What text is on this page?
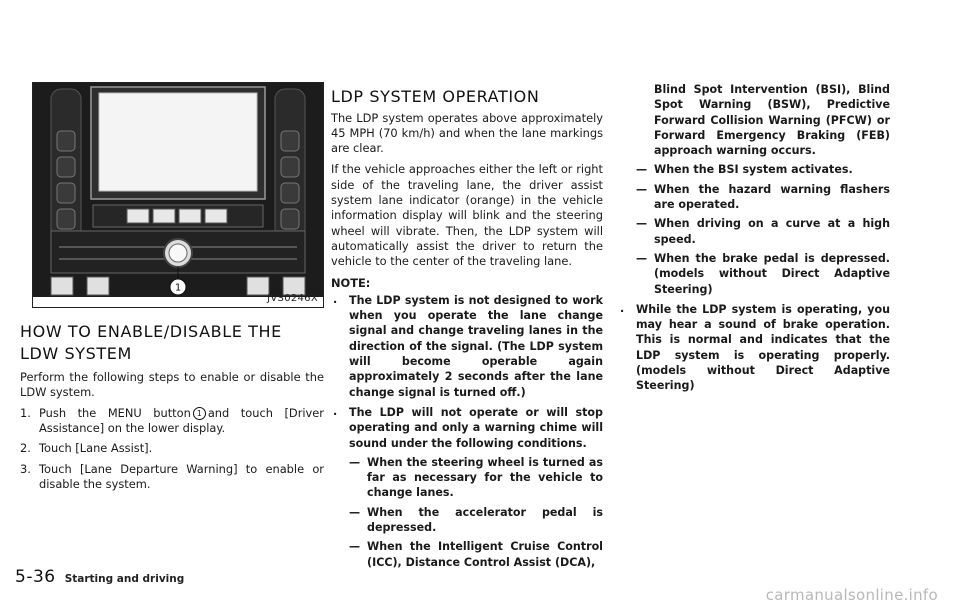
1
JVS0246X
HOW TO ENABLE/DISABLE THE
LDW SYSTEM

Perform the following steps to enable or disable the LDW system.

1. Push the MENU button 1 and touch [Driver Assistance] on the lower display.
2. Touch [Lane Assist].
3. Touch [Lane Departure Warning] to enable or disable the system.
LDP SYSTEM OPERATION

The LDP system operates above approximately 45 MPH (70 km/h) and when the lane markings are clear.

If the vehicle approaches either the left or right side of the traveling lane, the driver assist system lane indicator (orange) in the vehicle information display will blink and the steering wheel will vibrate. Then, the LDP system will automatically assist the driver to return the vehicle to the center of the traveling lane.

NOTE:

. The LDP system is not designed to work when you operate the lane change signal and change traveling lanes in the direction of the signal. (The LDP system will become operable again approximately 2 seconds after the lane change signal is turned off.)
. The LDP will not operate or will stop operating and only a warning chime will sound under the following conditions.
— When the steering wheel is turned as far as necessary for the vehicle to change lanes.
— When the accelerator pedal is depressed.
— When the Intelligent Cruise Control (ICC), Distance Control Assist (DCA),
Blind Spot Intervention (BSI), Blind Spot Warning (BSW), Predictive Forward Collision Warning (PFCW) or Forward Emergency Braking (FEB) approach warning occurs.
— When the BSI system activates.
— When the hazard warning flashers are operated.
— When driving on a curve at a high speed.
— When the brake pedal is depressed. (models without Direct Adaptive Steering)
. While the LDP system is operating, you may hear a sound of brake operation. This is normal and indicates that the LDP system is operating properly. (models without Direct Adaptive Steering)
5-36 Starting and driving
carmanualsonline.info
